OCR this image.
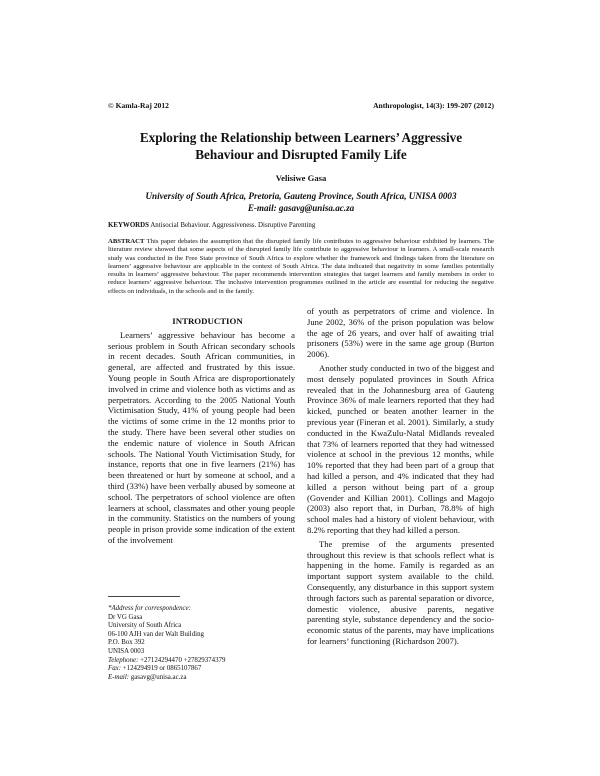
© Kamla-Raj 2012	Anthropologist, 14(3): 199-207 (2012)
Exploring the Relationship between Learners’ Aggressive
Behaviour and Disrupted Family Life
Velisiwe Gasa
University of South Africa, Pretoria, Gauteng Province, South Africa, UNISA 0003
E-mail: gasavg@unisa.ac.za
KEYWORDS Antisocial Behaviour. Aggressiveness. Disruptive Parenting

ABSTRACT This paper debates the assumption that the disrupted family life contributes to aggressive behaviour exhibited by learners. The literature review showed that some aspects of the disrupted family life contribute to aggressive behaviour in learners. A small-scale research study was conducted in the Free State province of South Africa to explore whether the framework and findings taken from the literature on learners’ aggressive behaviour are applicable in the context of South Africa. The data indicated that negativity in some families potentially results in learners’ aggressive behaviour. The paper recommends intervention strategies that target learners and family members in order to reduce learners’ aggressive behaviour. The inclusive intervention programmes outlined in the article are essential for reducing the negative effects on individuals, in the schools and in the family.

INTRODUCTION

Learners’ aggressive behaviour has become a serious problem in South African secondary schools in recent decades. South African communities, in general, are affected and frustrated by this issue. Young people in South Africa are disproportionately involved in crime and violence both as victims and as perpetrators. According to the 2005 National Youth Victimisation Study, 41% of young people had been the victims of some crime in the 12 months prior to the study. There have been several other studies on the endemic nature of violence in South African schools. The National Youth Victimisation Study, for instance, reports that one in five learners (21%) has been threatened or hurt by someone at school, and a third (33%) have been verbally abused by someone at school. The perpetrators of school violence are often learners at school, classmates and other young people in the community. Statistics on the numbers of young people in prison provide some indication of the extent of the involvement

of youth as perpetrators of crime and violence. In June 2002, 36% of the prison population was below the age of 26 years, and over half of awaiting trial prisoners (53%) were in the same age group (Burton 2006).

Another study conducted in two of the biggest and most densely populated provinces in South Africa revealed that in the Johannesburg area of Gauteng Province 36% of male learners reported that they had kicked, punched or beaten another learner in the previous year (Fineran et al. 2001). Similarly, a study conducted in the KwaZulu-Natal Midlands revealed that 73% of learners reported that they had witnessed violence at school in the previous 12 months, while 10% reported that they had been part of a group that had killed a person, and 4% indicated that they had killed a person without being part of a group (Govender and Killian 2001). Collings and Magojo (2003) also report that, in Durban, 78.8% of high school males had a history of violent behaviour, with 8.2% reporting that they had killed a person.

The premise of the arguments presented throughout this review is that schools reflect what is happening in the home. Family is regarded as an important support system available to the child. Consequently, any disturbance in this support system through factors such as parental separation or divorce, domestic violence, abusive parents, negative parenting style, substance dependency and the socio-economic status of the parents, may have implications for learners’ functioning (Richardson 2007).

*Address for correspondence:
Dr VG Gasa
University of South Africa
06-100 AJH van der Walt Building
P.O. Box 392
UNISA 0003
Telephone: +27124294470 +27829374379
Fax: +124294919 or 0865107867
E-mail: gasavg@unisa.ac.za
